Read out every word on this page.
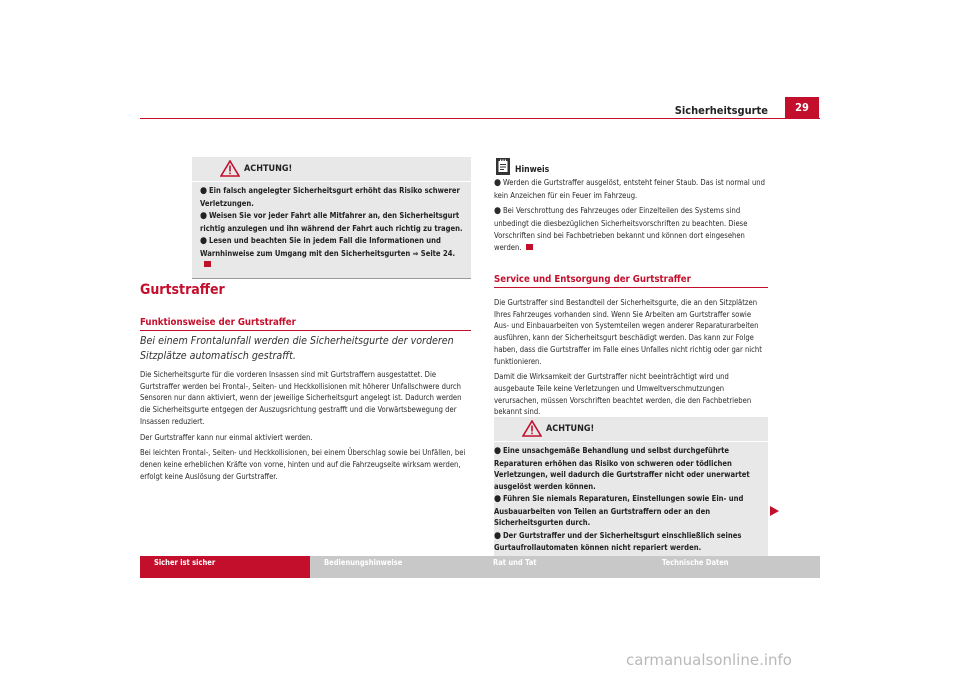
Sicherheitsgurte	29
ACHTUNG!
● Ein falsch angelegter Sicherheitsgurt erhöht das Risiko schwerer Verletzungen.
● Weisen Sie vor jeder Fahrt alle Mitfahrer an, den Sicherheitsgurt richtig anzulegen und ihn während der Fahrt auch richtig zu tragen.
● Lesen und beachten Sie in jedem Fall die Informationen und Warnhinweise zum Umgang mit den Sicherheitsgurten ⇒ Seite 24.
Gurtstraffer
Funktionsweise der Gurtstraffer
Bei einem Frontalunfall werden die Sicherheitsgurte der vorderen Sitzplätze automatisch gestrafft.

Die Sicherheitsgurte für die vorderen Insassen sind mit Gurtstraffern ausgestattet. Die Gurtstraffer werden bei Frontal-, Seiten- und Heckkollisionen mit höherer Unfallschwere durch Sensoren nur dann aktiviert, wenn der jeweilige Sicherheitsgurt angelegt ist. Dadurch werden die Sicherheitsgurte entgegen der Auszugsrichtung gestrafft und die Vorwärtsbewegung der Insassen reduziert.

Der Gurtstraffer kann nur einmal aktiviert werden.

Bei leichten Frontal-, Seiten- und Heckkollisionen, bei einem Überschlag sowie bei Unfällen, bei denen keine erheblichen Kräfte von vorne, hinten und auf die Fahrzeugseite wirksam werden, erfolgt keine Auslösung der Gurtstraffer.

Hinweis

● Werden die Gurtstraffer ausgelöst, entsteht feiner Staub. Das ist normal und kein Anzeichen für ein Feuer im Fahrzeug.

● Bei Verschrottung des Fahrzeuges oder Einzelteilen des Systems sind unbedingt die diesbezüglichen Sicherheitsvorschriften zu beachten. Diese Vorschriften sind bei Fachbetrieben bekannt und können dort eingesehen werden.

Service und Entsorgung der Gurtstraffer

Die Gurtstraffer sind Bestandteil der Sicherheitsgurte, die an den Sitzplätzen Ihres Fahrzeuges vorhanden sind. Wenn Sie Arbeiten am Gurtstraffer sowie Aus- und Einbauarbeiten von Systemteilen wegen anderer Reparaturarbeiten ausführen, kann der Sicherheitsgurt beschädigt werden. Das kann zur Folge haben, dass die Gurtstraffer im Falle eines Unfalles nicht richtig oder gar nicht funktionieren.

Damit die Wirksamkeit der Gurtstraffer nicht beeinträchtigt wird und ausgebaute Teile keine Verletzungen und Umweltverschmutzungen verursachen, müssen Vorschriften beachtet werden, die den Fachbetrieben bekannt sind.

ACHTUNG!
● Eine unsachgemäße Behandlung und selbst durchgeführte Reparaturen erhöhen das Risiko von schweren oder tödlichen Verletzungen, weil dadurch die Gurtstraffer nicht oder unerwartet ausgelöst werden können.
● Führen Sie niemals Reparaturen, Einstellungen sowie Ein- und Ausbauarbeiten von Teilen an Gurtstraffern oder an den Sicherheitsgurten durch.
● Der Gurtstraffer und der Sicherheitsgurt einschließlich seines Gurtaufrollautomaten können nicht repariert werden.
Sicher ist sicher	Bedienungshinweise	Rat und Tat	Technische Daten
carmanualsonline.info
